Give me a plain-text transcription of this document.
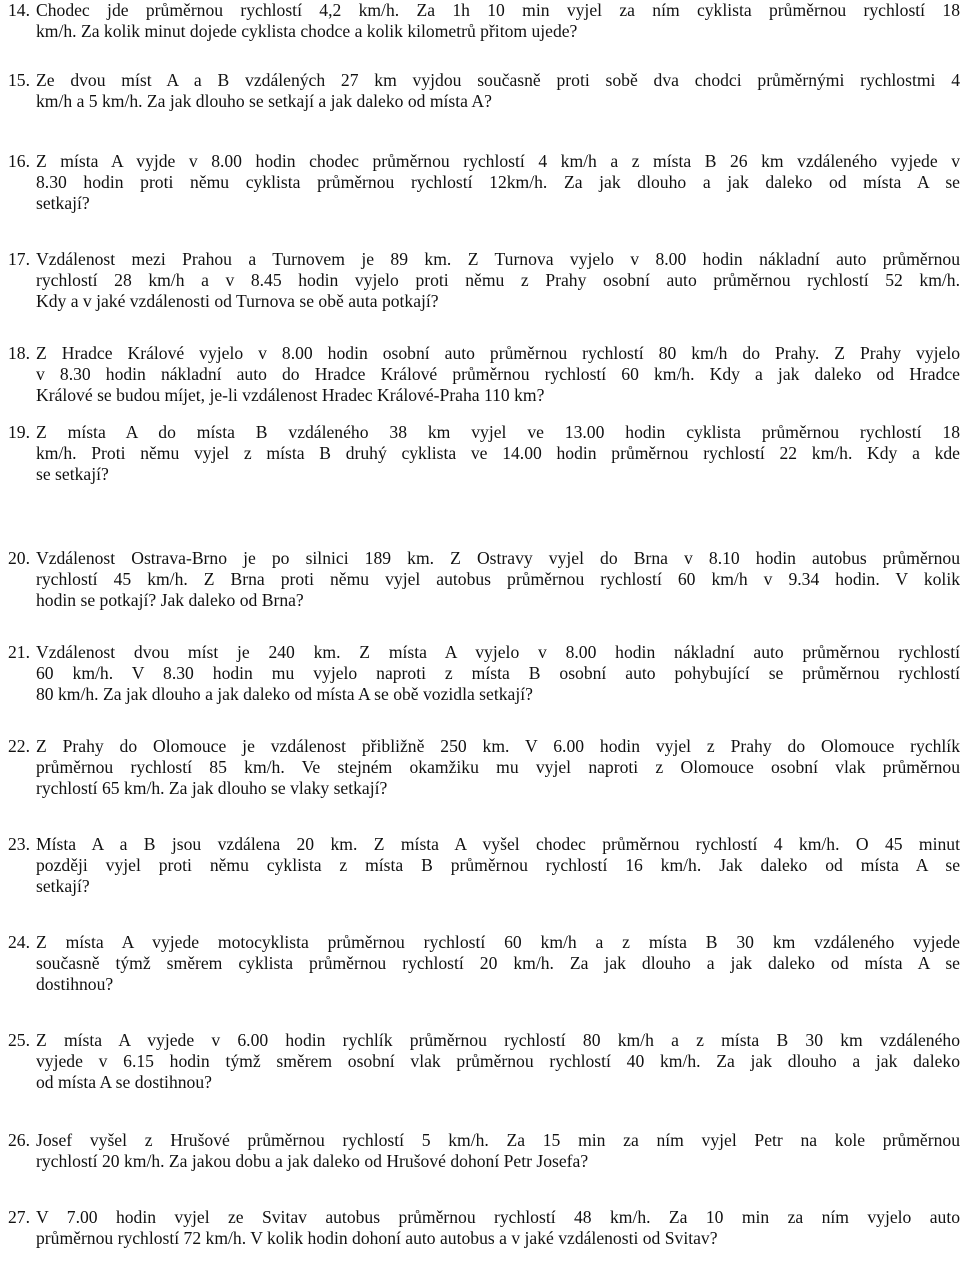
14. Chodec jde průměrnou rychlostí 4,2 km/h. Za 1h 10 min vyjel za ním cyklista průměrnou rychlostí 18
km/h. Za kolik minut dojede cyklista chodce a kolik kilometrů přitom ujede?
15. Ze dvou míst A a B vzdálených 27 km vyjdou současně proti sobě dva chodci průměrnými rychlostmi 4
km/h a 5 km/h. Za jak dlouho se setkají a jak daleko od místa A?
16. Z místa A vyjde v 8.00 hodin chodec průměrnou rychlostí 4 km/h a z místa B 26 km vzdáleného vyjede v
8.30 hodin proti němu cyklista průměrnou rychlostí 12km/h. Za jak dlouho a jak daleko od místa A se
setkají?
17. Vzdálenost mezi Prahou a Turnovem je 89 km. Z Turnova vyjelo v 8.00 hodin nákladní auto průměrnou
rychlostí 28 km/h a v 8.45 hodin vyjelo proti němu z Prahy osobní auto průměrnou rychlostí 52 km/h.
Kdy a v jaké vzdálenosti od Turnova se obě auta potkají?
18. Z Hradce Králové vyjelo v 8.00 hodin osobní auto průměrnou rychlostí 80 km/h do Prahy. Z Prahy vyjelo
v 8.30 hodin nákladní auto do Hradce Králové průměrnou rychlostí 60 km/h. Kdy a jak daleko od Hradce
Králové se budou míjet, je-li vzdálenost Hradec Králové-Praha 110 km?
19. Z místa A do místa B vzdáleného 38 km vyjel ve 13.00 hodin cyklista průměrnou rychlostí 18
km/h. Proti němu vyjel z místa B druhý cyklista ve 14.00 hodin průměrnou rychlostí 22 km/h. Kdy a kde
se setkají?
20. Vzdálenost Ostrava-Brno je po silnici 189 km. Z Ostravy vyjel do Brna v 8.10 hodin autobus průměrnou
rychlostí 45 km/h. Z Brna proti němu vyjel autobus průměrnou rychlostí 60 km/h v 9.34 hodin. V kolik
hodin se potkají? Jak daleko od Brna?
21. Vzdálenost dvou míst je 240 km. Z místa A vyjelo v 8.00 hodin nákladní auto průměrnou rychlostí
60 km/h. V 8.30 hodin mu vyjelo naproti z místa B osobní auto pohybující se průměrnou rychlostí
80 km/h. Za jak dlouho a jak daleko od místa A se obě vozidla setkají?
22. Z Prahy do Olomouce je vzdálenost přibližně 250 km. V 6.00 hodin vyjel z Prahy do Olomouce rychlík
průměrnou rychlostí 85 km/h. Ve stejném okamžiku mu vyjel naproti z Olomouce osobní vlak průměrnou
rychlostí 65 km/h. Za jak dlouho se vlaky setkají?
23. Místa A a B jsou vzdálena 20 km. Z místa A vyšel chodec průměrnou rychlostí 4 km/h. O 45 minut
později vyjel proti němu cyklista z místa B průměrnou rychlostí 16 km/h. Jak daleko od místa A se
setkají?
24. Z místa A vyjede motocyklista průměrnou rychlostí 60 km/h a z místa B 30 km vzdáleného vyjede
současně týmž směrem cyklista průměrnou rychlostí 20 km/h. Za jak dlouho a jak daleko od místa A se
dostihnou?
25. Z místa A vyjede v 6.00 hodin rychlík průměrnou rychlostí 80 km/h a z místa B 30 km vzdáleného
vyjede v 6.15 hodin týmž směrem osobní vlak průměrnou rychlostí 40 km/h. Za jak dlouho a jak daleko
od místa A se dostihnou?
26. Josef vyšel z Hrušové průměrnou rychlostí 5 km/h. Za 15 min za ním vyjel Petr na kole průměrnou
rychlostí 20 km/h. Za jakou dobu a jak daleko od Hrušové dohoní Petr Josefa?
27. V 7.00 hodin vyjel ze Svitav autobus průměrnou rychlostí 48 km/h. Za 10 min za ním vyjelo auto
průměrnou rychlostí 72 km/h. V kolik hodin dohoní auto autobus a v jaké vzdálenosti od Svitav?
